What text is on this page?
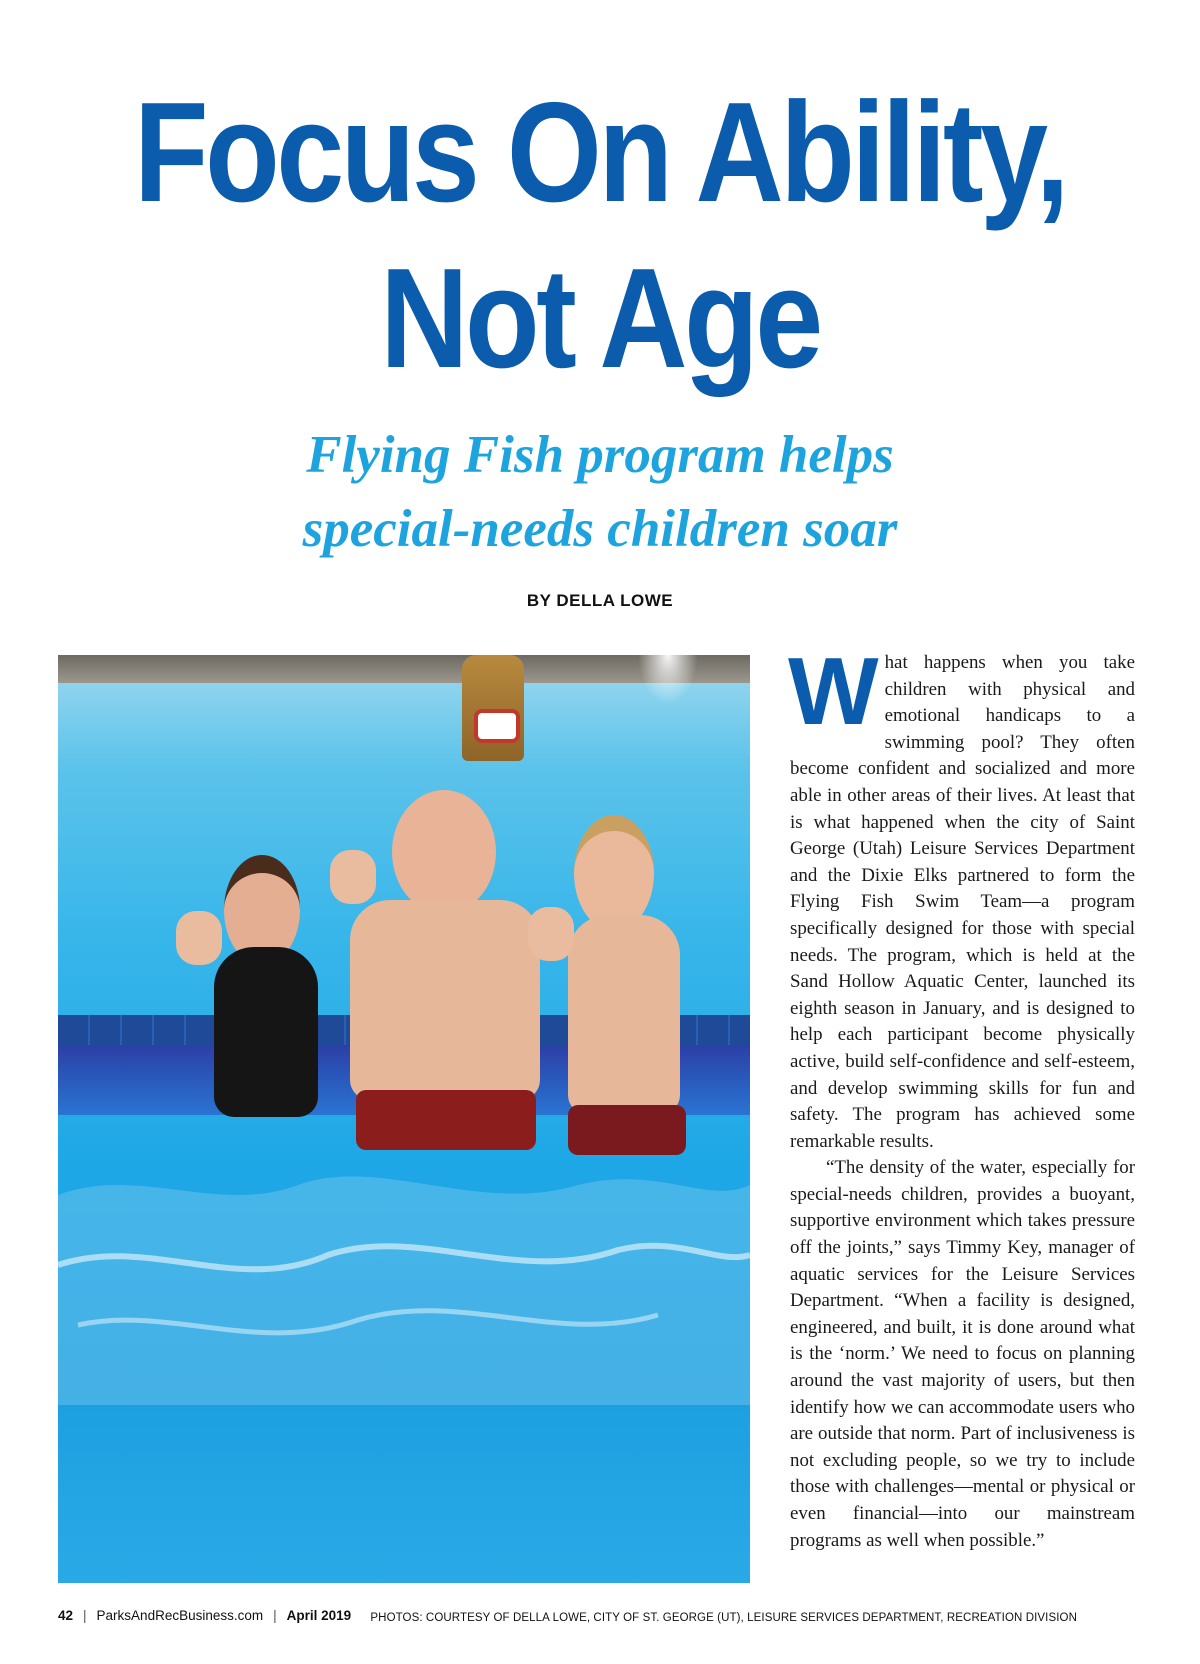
Focus On Ability,
Not Age
Flying Fish program helps
special-needs children soar
BY DELLA LOWE

What happens when you take children with physical and emotional handicaps to a swimming pool? They often become confident and socialized and more able in other areas of their lives. At least that is what happened when the city of Saint George (Utah) Leisure Services Department and the Dixie Elks partnered to form the Flying Fish Swim Team—a program specifically designed for those with special needs. The program, which is held at the Sand Hollow Aquatic Center, launched its eighth season in January, and is designed to help each participant become physically active, build self-confidence and self-esteem, and develop swimming skills for fun and safety. The program has achieved some remarkable results.

“The density of the water, especially for special-needs children, provides a buoyant, supportive environment which takes pressure off the joints,” says Timmy Key, manager of aquatic services for the Leisure Services Department. “When a facility is designed, engineered, and built, it is done around what is the ‘norm.’ We need to focus on planning around the vast majority of users, but then identify how we can accommodate users who are outside that norm. Part of inclusiveness is not excluding people, so we try to include those with challenges—mental or physical or even financial—into our mainstream programs as well when possible.”

42 | ParksAndRecBusiness.com | April 2019 PHOTOS: COURTESY OF DELLA LOWE, CITY OF ST. GEORGE (UT), LEISURE SERVICES DEPARTMENT, RECREATION DIVISION
